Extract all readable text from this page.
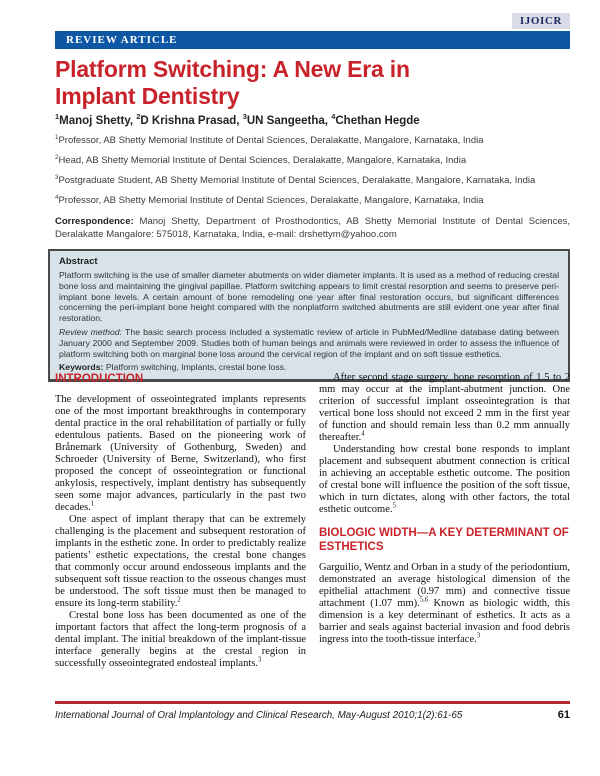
IJOICR
REVIEW ARTICLE
Platform Switching: A New Era in
Implant Dentistry
$^1$Manoj Shetty, $^2$D Krishna Prasad, $^3$UN Sangeetha, $^4$Chethan Hegde
$^1$Professor, AB Shetty Memorial Institute of Dental Sciences, Deralakatte, Mangalore, Karnataka, India
$^2$Head, AB Shetty Memorial Institute of Dental Sciences, Deralakatte, Mangalore, Karnataka, India
$^3$Postgraduate Student, AB Shetty Memorial Institute of Dental Sciences, Deralakatte, Mangalore, Karnataka, India
$^4$Professor, AB Shetty Memorial Institute of Dental Sciences, Deralakatte, Mangalore, Karnataka, India
Correspondence: Manoj Shetty, Department of Prosthodontics, AB Shetty Memorial Institute of Dental Sciences, Deralakatte Mangalore: 575018, Karnataka, India, e-mail: drshettym@yahoo.com
Abstract

Platform switching is the use of smaller diameter abutments on wider diameter implants. It is used as a method of reducing crestal bone loss and maintaining the gingival papillae. Platform switching appears to limit crestal resorption and seems to preserve peri-implant bone levels. A certain amount of bone remodeling one year after final restoration occurs, but significant differences concerning the peri-implant bone height compared with the nonplatform switched abutments are still evident one year after final restoration.

Review method: The basic search process included a systematic review of article in PubMed/Medline database dating between January 2000 and September 2009. Studies both of human beings and animals were reviewed in order to assess the influence of platform switching both on marginal bone loss around the cervical region of the implant and on soft tissue esthetics.

Keywords: Platform switching, Implants, crestal bone loss.

INTRODUCTION

The development of osseointegrated implants represents one of the most important breakthroughs in contemporary dental practice in the oral rehabilitation of partially or fully edentulous patients. Based on the pioneering work of Brånemark (University of Gothenburg, Sweden) and Schroeder (University of Berne, Switzerland), who first proposed the concept of osseointegration or functional ankylosis, respectively, implant dentistry has subsequently seen some major advances, particularly in the past two decades.$^1$

One aspect of implant therapy that can be extremely challenging is the placement and subsequent restoration of implants in the esthetic zone. In order to predictably realize patients’ esthetic expectations, the crestal bone changes that commonly occur around endosseous implants and the subsequent soft tissue reaction to the osseous changes must be understood. The soft tissue must then be managed to ensure its long-term stability.$^2$

Crestal bone loss has been documented as one of the important factors that affect the long-term prognosis of a dental implant. The initial breakdown of the implant-tissue interface generally begins at the crestal region in successfully osseointegrated endosteal implants.$^3$

After second stage surgery, bone resorption of 1.5 to 2 mm may occur at the implant-abutment junction. One criterion of successful implant osseointegration is that vertical bone loss should not exceed 2 mm in the first year of function and should remain less than 0.2 mm annually thereafter.$^4$

Understanding how crestal bone responds to implant placement and subsequent abutment connection is critical in achieving an acceptable esthetic outcome. The position of crestal bone will influence the position of the soft tissue, which in turn dictates, along with other factors, the total esthetic outcome.$^5$

BIOLOGIC WIDTH—A KEY DETERMINANT OF ESTHETICS

Garguilio, Wentz and Orban in a study of the periodontium, demonstrated an average histological dimension of the epithelial attachment (0.97 mm) and connective tissue attachment (1.07 mm).$^{5,6}$ Known as biologic width, this dimension is a key determinant of esthetics. It acts as a barrier and seals against bacterial invasion and food debris ingress into the tooth-tissue interface.$^3$

International Journal of Oral Implantology and Clinical Research, May-August 2010;1(2):61-65	61
